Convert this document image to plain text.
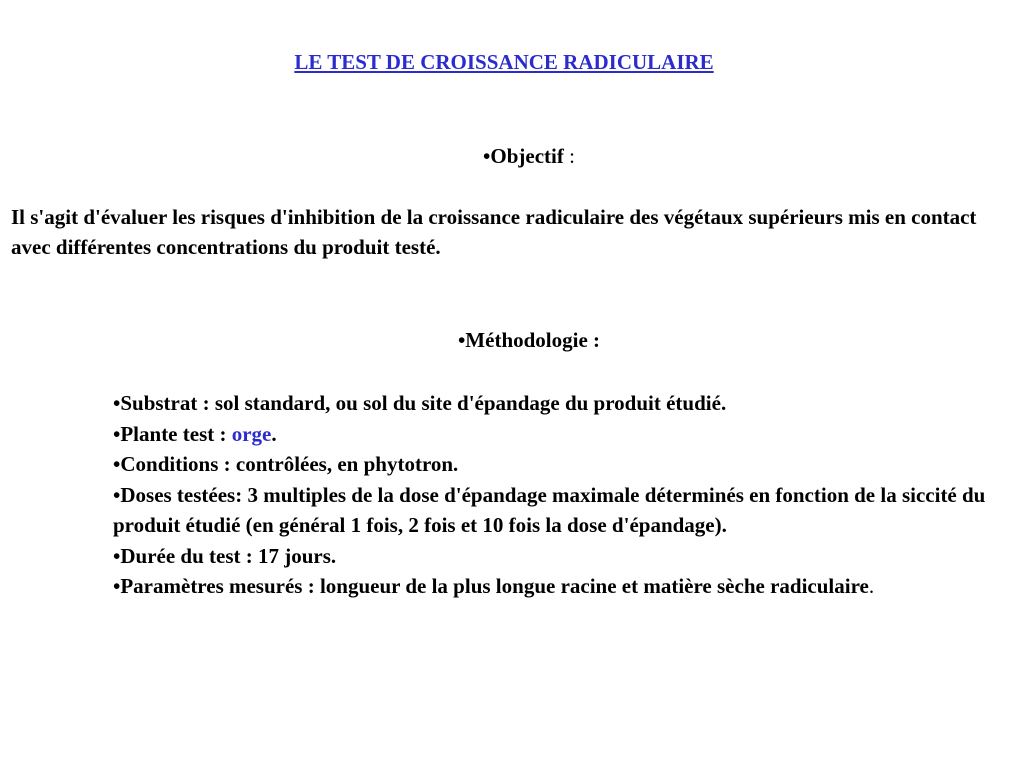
LE TEST DE CROISSANCE RADICULAIRE
•Objectif :
Il s'agit d'évaluer les risques d'inhibition de la croissance radiculaire des végétaux supérieurs mis en contact avec différentes concentrations du produit testé.
•Méthodologie :
•Substrat : sol standard, ou sol du site d'épandage du produit étudié.
•Plante test : orge.
•Conditions : contrôlées, en phytotron.
•Doses testées: 3 multiples de la dose d'épandage maximale déterminés en fonction de la siccité du produit étudié (en général 1 fois, 2 fois et 10 fois la dose d'épandage).
•Durée du test : 17 jours.
•Paramètres mesurés : longueur de la plus longue racine et matière sèche radiculaire.
